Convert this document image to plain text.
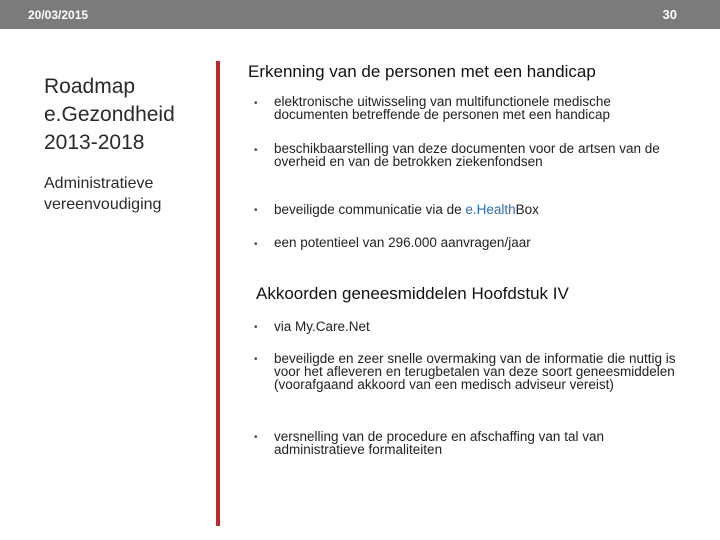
20/03/2015	30
Roadmap
e.Gezondheid
2013-2018
Administratieve
vereenvoudiging
Erkenning van de personen met een handicap
• elektronische uitwisseling van multifunctionele medische documenten betreffende de personen met een handicap
• beschikbaarstelling van deze documenten voor de artsen van de overheid en van de betrokken ziekenfondsen
• beveiligde communicatie via de e.HealthBox
• een potentieel van 296.000 aanvragen/jaar
Akkoorden geneesmiddelen Hoofdstuk IV
• via My.Care.Net
• beveiligde en zeer snelle overmaking van de informatie die nuttig is voor het afleveren en terugbetalen van deze soort geneesmiddelen (voorafgaand akkoord van een medisch adviseur vereist)
• versnelling van de procedure en afschaffing van tal van administratieve formaliteiten
